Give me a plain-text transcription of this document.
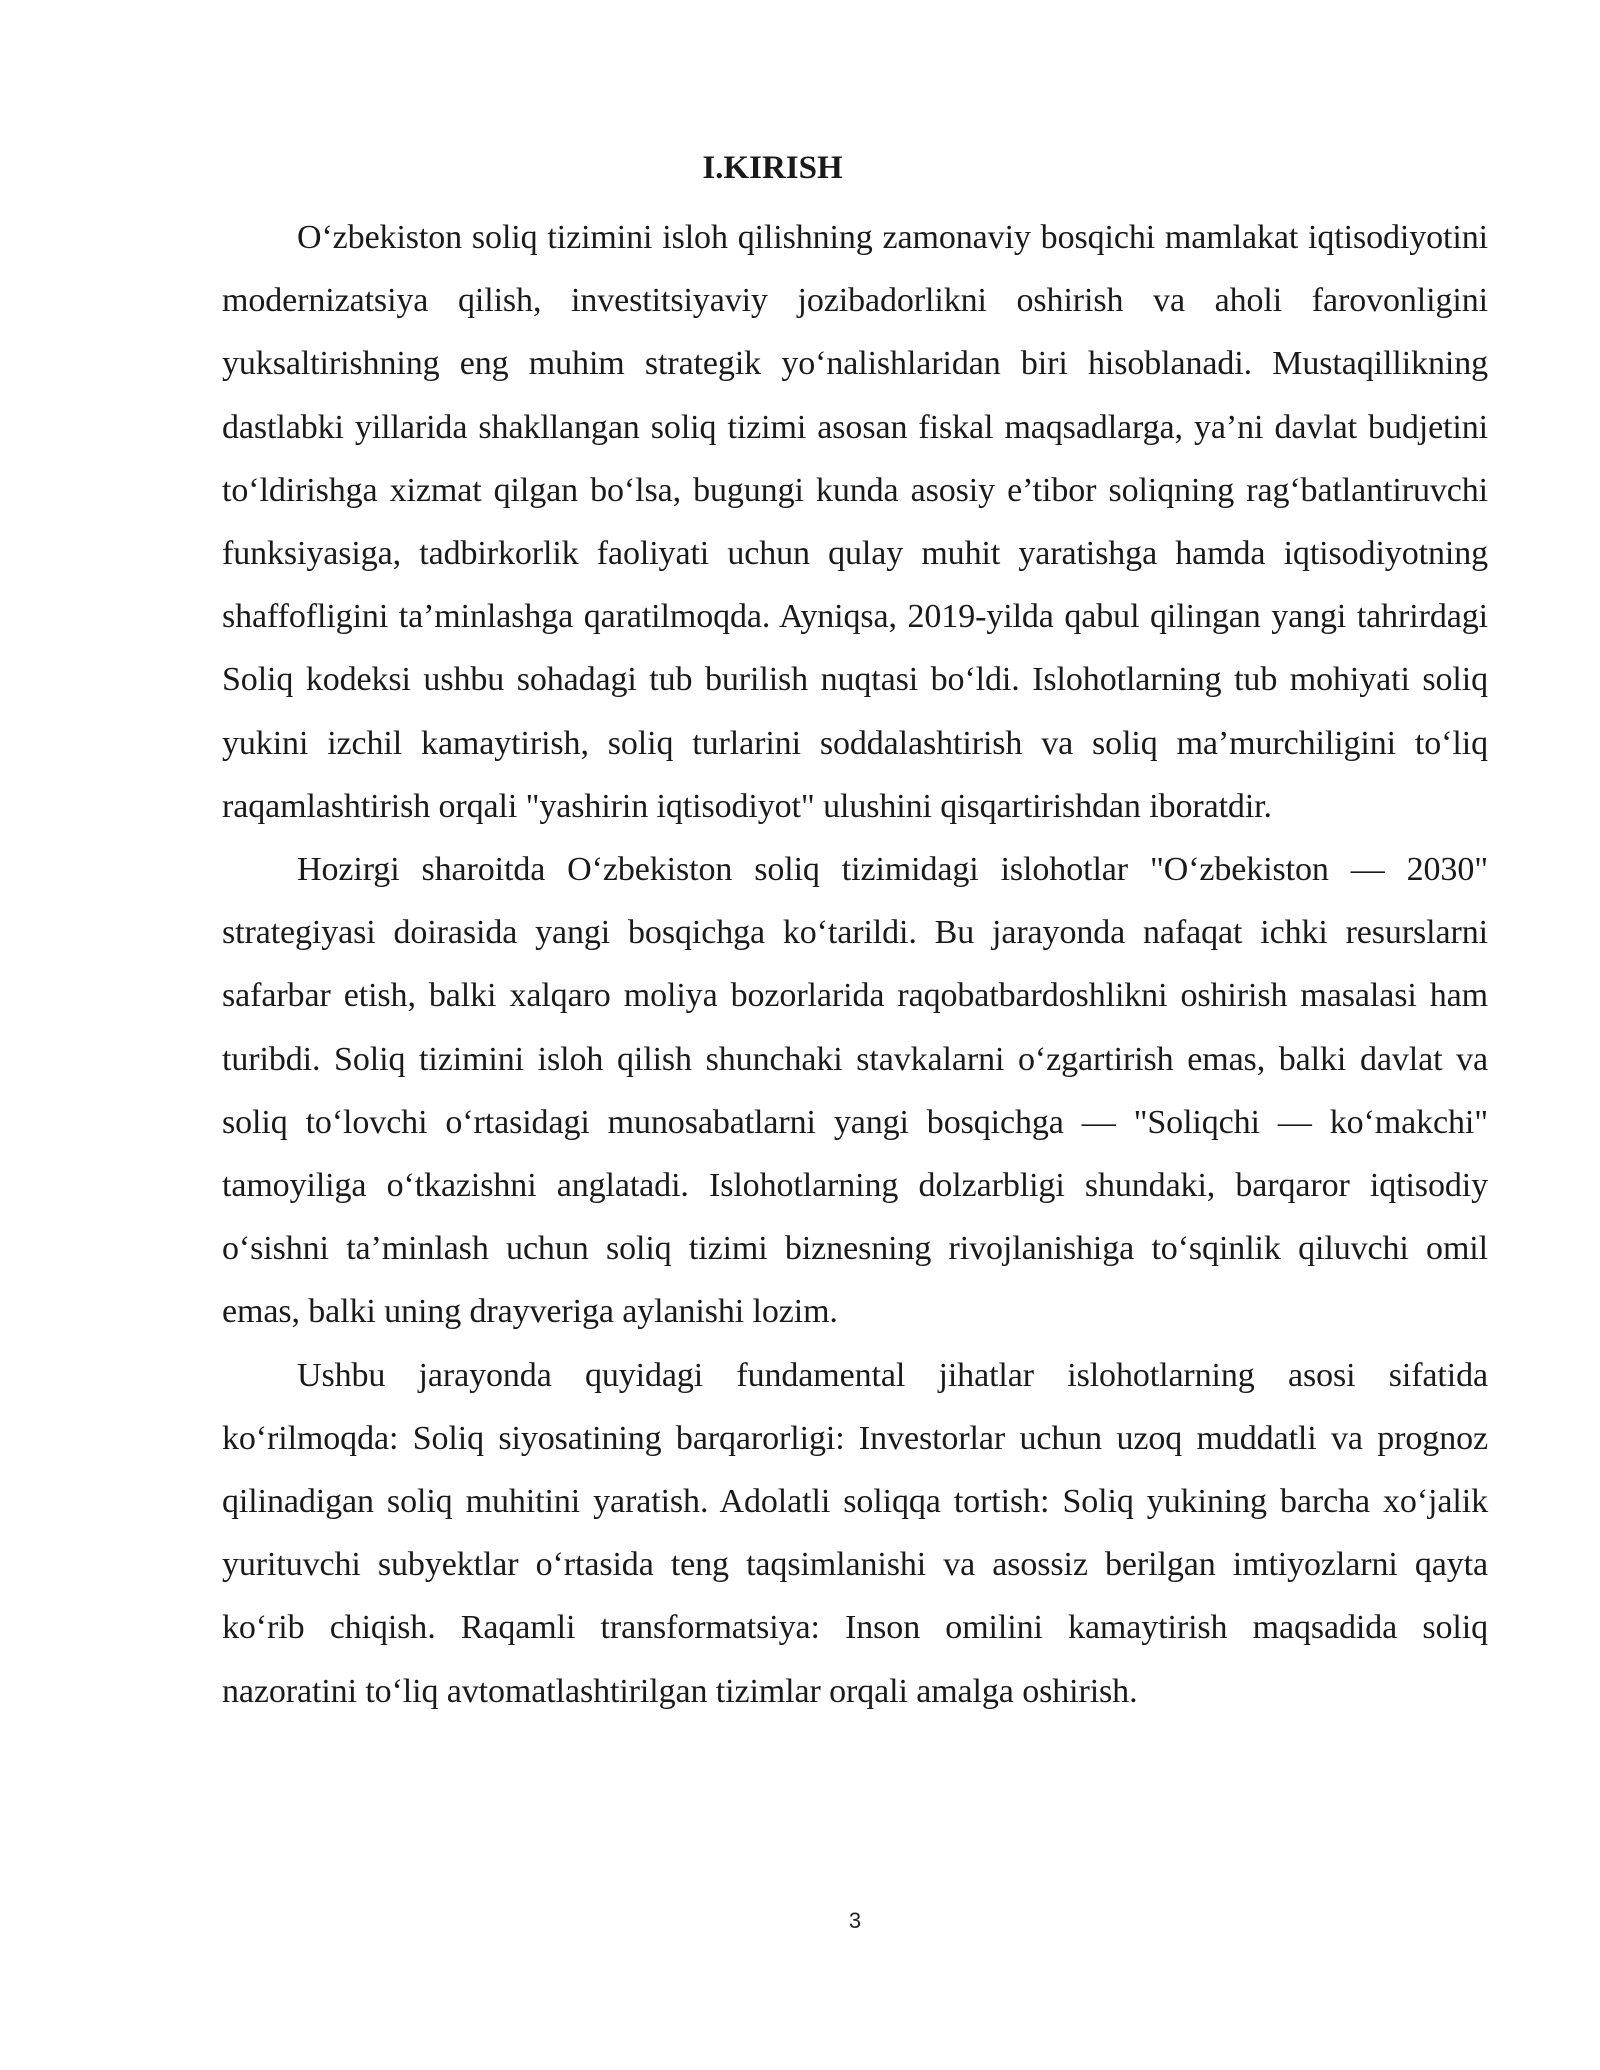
I.KIRISH

O‘zbekiston soliq tizimini isloh qilishning zamonaviy bosqichi mamlakat iqtisodiyotini modernizatsiya qilish, investitsiyaviy jozibadorlikni oshirish va aholi farovonligini yuksaltirishning eng muhim strategik yo‘nalishlaridan biri hisoblanadi. Mustaqillikning dastlabki yillarida shakllangan soliq tizimi asosan fiskal maqsadlarga, ya’ni davlat budjetini to‘ldirishga xizmat qilgan bo‘lsa, bugungi kunda asosiy e’tibor soliqning rag‘batlantiruvchi funksiyasiga, tadbirkorlik faoliyati uchun qulay muhit yaratishga hamda iqtisodiyotning shaffofligini ta’minlashga qaratilmoqda. Ayniqsa, 2019-yilda qabul qilingan yangi tahrirdagi Soliq kodeksi ushbu sohadagi tub burilish nuqtasi bo‘ldi. Islohotlarning tub mohiyati soliq yukini izchil kamaytirish, soliq turlarini soddalashtirish va soliq ma’murchiligini to‘liq raqamlashtirish orqali "yashirin iqtisodiyot" ulushini qisqartirishdan iboratdir.

Hozirgi sharoitda O‘zbekiston soliq tizimidagi islohotlar "O‘zbekiston — 2030" strategiyasi doirasida yangi bosqichga ko‘tarildi. Bu jarayonda nafaqat ichki resurslarni safarbar etish, balki xalqaro moliya bozorlarida raqobatbardoshlikni oshirish masalasi ham turibdi. Soliq tizimini isloh qilish shunchaki stavkalarni o‘zgartirish emas, balki davlat va soliq to‘lovchi o‘rtasidagi munosabatlarni yangi bosqichga — "Soliqchi — ko‘makchi" tamoyiliga o‘tkazishni anglatadi. Islohotlarning dolzarbligi shundaki, barqaror iqtisodiy o‘sishni ta’minlash uchun soliq tizimi biznesning rivojlanishiga to‘sqinlik qiluvchi omil emas, balki uning drayveriga aylanishi lozim.

Ushbu jarayonda quyidagi fundamental jihatlar islohotlarning asosi sifatida ko‘rilmoqda: Soliq siyosatining barqarorligi: Investorlar uchun uzoq muddatli va prognoz qilinadigan soliq muhitini yaratish. Adolatli soliqqa tortish: Soliq yukining barcha xo‘jalik yurituvchi subyektlar o‘rtasida teng taqsimlanishi va asossiz berilgan imtiyozlarni qayta ko‘rib chiqish. Raqamli transformatsiya: Inson omilini kamaytirish maqsadida soliq nazoratini to‘liq avtomatlashtirilgan tizimlar orqali amalga oshirish.

3
